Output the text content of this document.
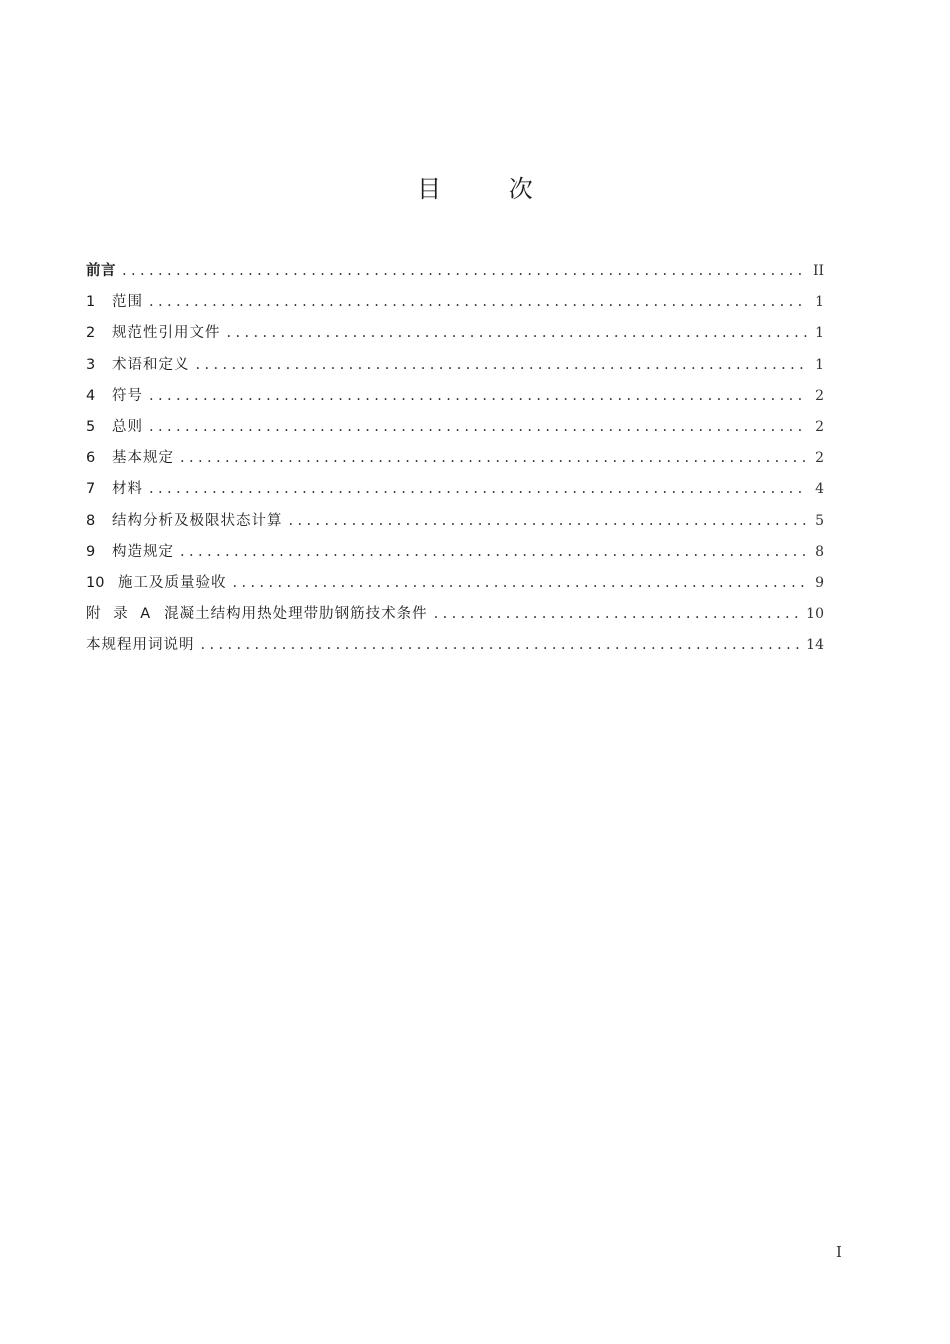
目 次
前言 .....	II
1	范围 .....	1
2	规范性引用文件 .....	1
3	术语和定义 .....	1
4	符号 .....	2
5	总则 .....	2
6	基本规定 .....	2
7	材料 .....	4
8	结构分析及极限状态计算 .....	5
9	构造规定 .....	8
10 施工及质量验收 .....	9
附 录 A 混凝土结构用热处理带肋钢筋技术条件 .....	10
本规程用词说明 .....	14
I
